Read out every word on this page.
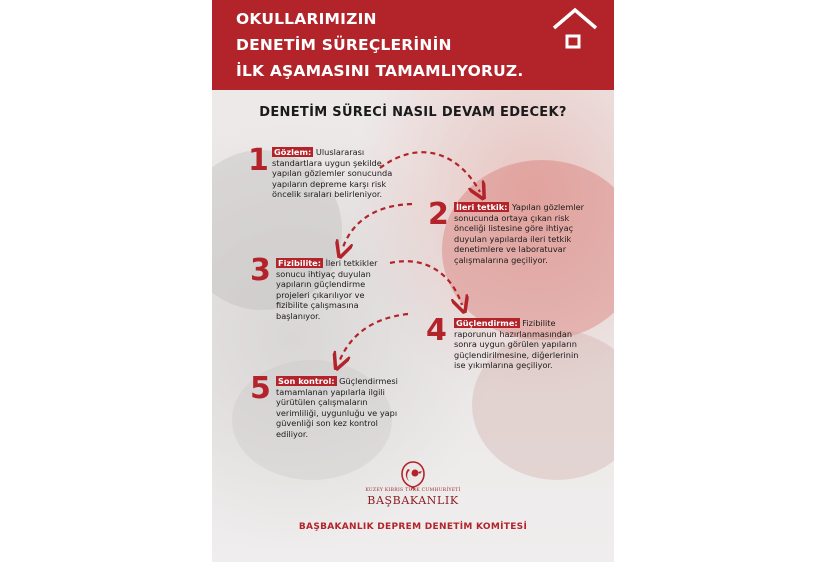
OKULLARIMIZIN
DENETİM SÜREÇLERİNİN
İLK AŞAMASINI TAMAMLIYORUZ.
DENETİM SÜRECİ NASIL DEVAM EDECEK?
1 Gözlem: Uluslararası standartlara uygun şekilde yapılan gözlemler sonucunda yapıların depreme karşı risk öncelik sıraları belirleniyor.
2 İleri tetkik: Yapılan gözlemler sonucunda ortaya çıkan risk önceliği listesine göre ihtiyaç duyulan yapılarda ileri tetkik denetimlere ve laboratuvar çalışmalarına geçiliyor.
3 Fizibilite: İleri tetkikler sonucu ihtiyaç duyulan yapıların güçlendirme projeleri çıkarılıyor ve fizibilite çalışmasına başlanıyor.	4 Güçlendirme: Fizibilite raporunun hazırlanmasından sonra uygun görülen yapıların güçlendirilmesine, diğerlerinin ise yıkımlarına geçiliyor.
5 Son kontrol: Güçlendirmesi tamamlanan yapılarla ilgili yürütülen çalışmaların verimliliği, uygunluğu ve yapı güvenliği son kez kontrol ediliyor.
KUZEY KIBRIS TÜRK CUMHURİYETİ
BAŞBAKANLIK
BAŞBAKANLIK DEPREM DENETİM KOMİTESİ
